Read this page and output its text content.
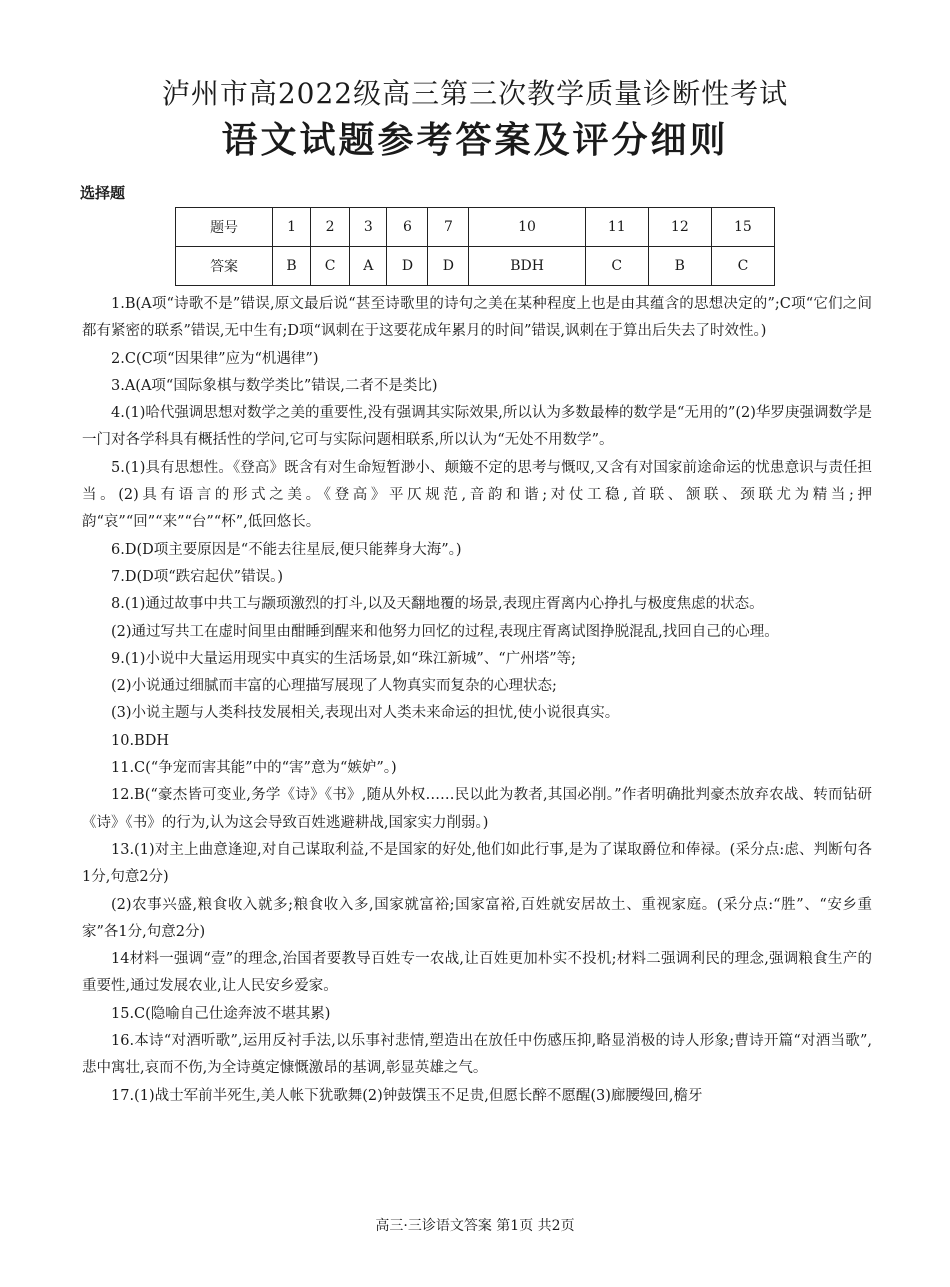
泸州市高2022级高三第三次教学质量诊断性考试
语文试题参考答案及评分细则
选择题
题号	1	2	3	6	7	10	11	12	15
答案	B	C	A	D	D	BDH	C	B	C

1.B(A项“诗歌不是”错误,原文最后说“甚至诗歌里的诗句之美在某种程度上也是由其蕴含的思想决定的”;C项“它们之间都有紧密的联系”错误,无中生有;D项“讽刺在于这要花成年累月的时间”错误,讽刺在于算出后失去了时效性。)

2.C(C项“因果律”应为“机遇律”)

3.A(A项“国际象棋与数学类比”错误,二者不是类比)

4.(1)哈代强调思想对数学之美的重要性,没有强调其实际效果,所以认为多数最棒的数学是“无用的”(2)华罗庚强调数学是一门对各学科具有概括性的学问,它可与实际问题相联系,所以认为“无处不用数学”。

5.(1)具有思想性。《登高》既含有对生命短暂渺小、颠簸不定的思考与慨叹,又含有对国家前途命运的忧患意识与责任担当。(2)具有语言的形式之美。《登高》平仄规范,音韵和谐;对仗工稳,首联、颔联、颈联尤为精当;押韵“哀”“回”“来”“台”“杯”,低回悠长。

6.D(D项主要原因是“不能去往星辰,便只能葬身大海”。)

7.D(D项“跌宕起伏”错误。)

8.(1)通过故事中共工与颛顼激烈的打斗,以及天翻地覆的场景,表现庄胥离内心挣扎与极度焦虑的状态。

(2)通过写共工在虚时间里由酣睡到醒来和他努力回忆的过程,表现庄胥离试图挣脱混乱,找回自己的心理。

9.(1)小说中大量运用现实中真实的生活场景,如“珠江新城”、“广州塔”等;

(2)小说通过细腻而丰富的心理描写展现了人物真实而复杂的心理状态;

(3)小说主题与人类科技发展相关,表现出对人类未来命运的担忧,使小说很真实。

10.BDH

11.C(“争宠而害其能”中的“害”意为“嫉妒”。)

12.B(“豪杰皆可变业,务学《诗》《书》,随从外权……民以此为教者,其国必削。”作者明确批判豪杰放弃农战、转而钻研《诗》《书》的行为,认为这会导致百姓逃避耕战,国家实力削弱。)

13.(1)对主上曲意逢迎,对自己谋取利益,不是国家的好处,他们如此行事,是为了谋取爵位和俸禄。(采分点:虑、判断句各1分,句意2分)

(2)农事兴盛,粮食收入就多;粮食收入多,国家就富裕;国家富裕,百姓就安居故土、重视家庭。(采分点:“胜”、“安乡重家”各1分,句意2分)

14材料一强调“壹”的理念,治国者要教导百姓专一农战,让百姓更加朴实不投机;材料二强调利民的理念,强调粮食生产的重要性,通过发展农业,让人民安乡爱家。

15.C(隐喻自己仕途奔波不堪其累)

16.本诗“对酒听歌”,运用反衬手法,以乐事衬悲情,塑造出在放任中伤感压抑,略显消极的诗人形象;曹诗开篇“对酒当歌”,悲中寓壮,哀而不伤,为全诗奠定慷慨激昂的基调,彰显英雄之气。

17.(1)战士军前半死生,美人帐下犹歌舞(2)钟鼓馔玉不足贵,但愿长醉不愿醒(3)廊腰缦回,檐牙

高三·三诊语文答案 第1页 共2页
